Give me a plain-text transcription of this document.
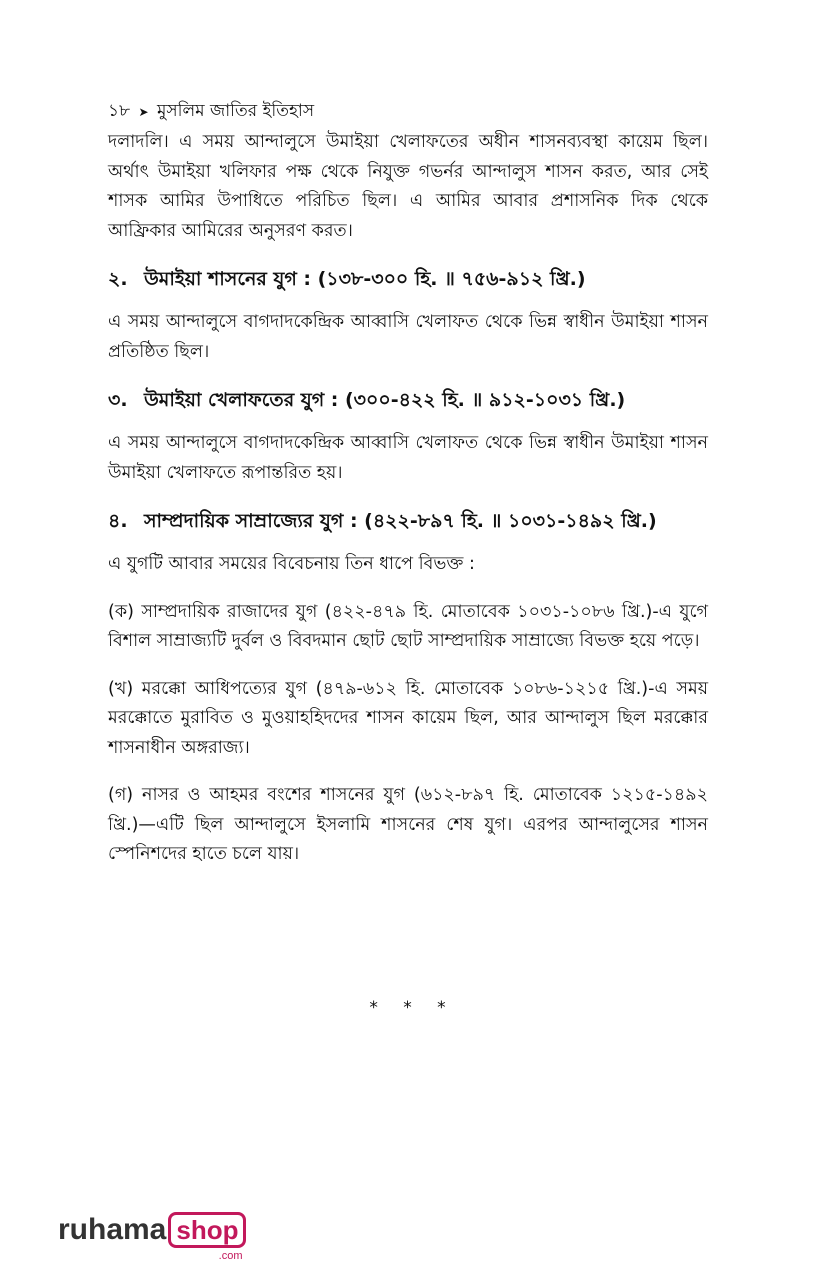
১৮ ➤ মুসলিম জাতির ইতিহাস

দলাদলি। এ সময় আন্দালুসে উমাইয়া খেলাফতের অধীন শাসনব্যবস্থা কায়েম ছিল। অর্থাৎ উমাইয়া খলিফার পক্ষ থেকে নিযুক্ত গভর্নর আন্দালুস শাসন করত, আর সেই শাসক আমির উপাধিতে পরিচিত ছিল। এ আমির আবার প্রশাসনিক দিক থেকে আফ্রিকার আমিরের অনুসরণ করত।

২. উমাইয়া শাসনের যুগ : (১৩৮-৩০০ হি. ॥ ৭৫৬-৯১২ খ্রি.)

এ সময় আন্দালুসে বাগদাদকেন্দ্রিক আব্বাসি খেলাফত থেকে ভিন্ন স্বাধীন উমাইয়া শাসন প্রতিষ্ঠিত ছিল।

৩. উমাইয়া খেলাফতের যুগ : (৩০০-৪২২ হি. ॥ ৯১২-১০৩১ খ্রি.)

এ সময় আন্দালুসে বাগদাদকেন্দ্রিক আব্বাসি খেলাফত থেকে ভিন্ন স্বাধীন উমাইয়া শাসন উমাইয়া খেলাফতে রূপান্তরিত হয়।

৪. সাম্প্রদায়িক সাম্রাজ্যের যুগ : (৪২২-৮৯৭ হি. ॥ ১০৩১-১৪৯২ খ্রি.)

এ যুগটি আবার সময়ের বিবেচনায় তিন ধাপে বিভক্ত :

(ক) সাম্প্রদায়িক রাজাদের যুগ (৪২২-৪৭৯ হি. মোতাবেক ১০৩১-১০৮৬ খ্রি.)-এ যুগে বিশাল সাম্রাজ্যটি দুর্বল ও বিবদমান ছোট ছোট সাম্প্রদায়িক সাম্রাজ্যে বিভক্ত হয়ে পড়ে।

(খ) মরক্কো আধিপত্যের যুগ (৪৭৯-৬১২ হি. মোতাবেক ১০৮৬-১২১৫ খ্রি.)-এ সময় মরক্কোতে মুরাবিত ও মুওয়াহহিদদের শাসন কায়েম ছিল, আর আন্দালুস ছিল মরক্কোর শাসনাধীন অঙ্গরাজ্য।

(গ) নাসর ও আহমর বংশের শাসনের যুগ (৬১২-৮৯৭ হি. মোতাবেক ১২১৫-১৪৯২ খ্রি.)—এটি ছিল আন্দালুসে ইসলামি শাসনের শেষ যুগ। এরপর আন্দালুসের শাসন স্পেনিশদের হাতে চলে যায়।

* * *
ruhama shop
.com
